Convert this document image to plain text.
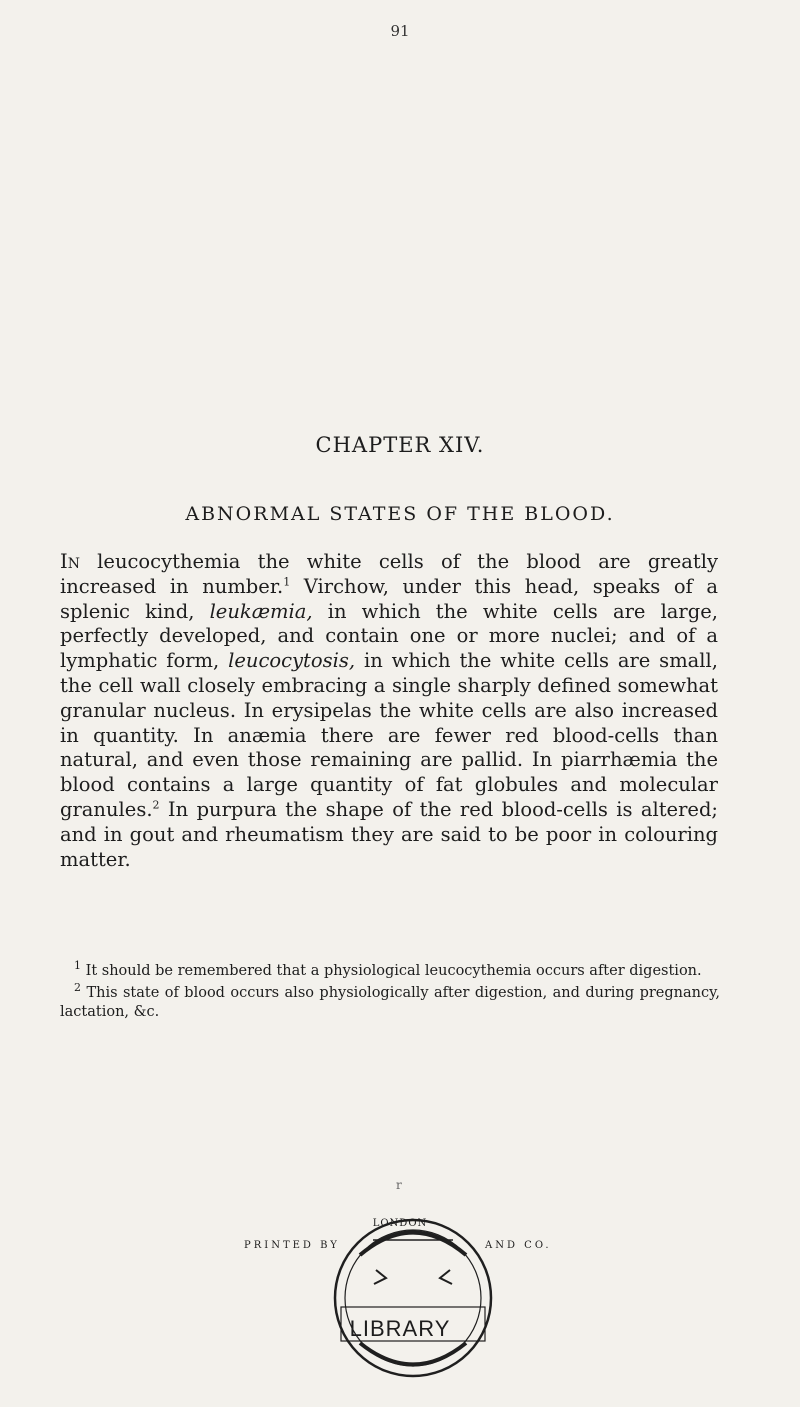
91
CHAPTER XIV.
ABNORMAL STATES OF THE BLOOD.

In leucocythemia the white cells of the blood are greatly increased in number.$^1$ Virchow, under this head, speaks of a splenic kind, leukæmia, in which the white cells are large, perfectly developed, and contain one or more nuclei; and of a lymphatic form, leucocytosis, in which the white cells are small, the cell wall closely embracing a single sharply defined somewhat granular nucleus. In erysipelas the white cells are also increased in quantity. In anæmia there are fewer red blood-cells than natural, and even those remaining are pallid. In piarrhæmia the blood contains a large quantity of fat globules and molecular granules.$^2$ In purpura the shape of the red blood-cells is altered; and in gout and rheumatism they are said to be poor in colouring matter.

$^1$ It should be remembered that a physiological leucocythemia occurs after digestion.

$^2$ This state of blood occurs also physiologically after digestion, and during pregnancy, lactation, &c.

r
LONDON
PRINTED BY	AND CO.
LIBRARY
